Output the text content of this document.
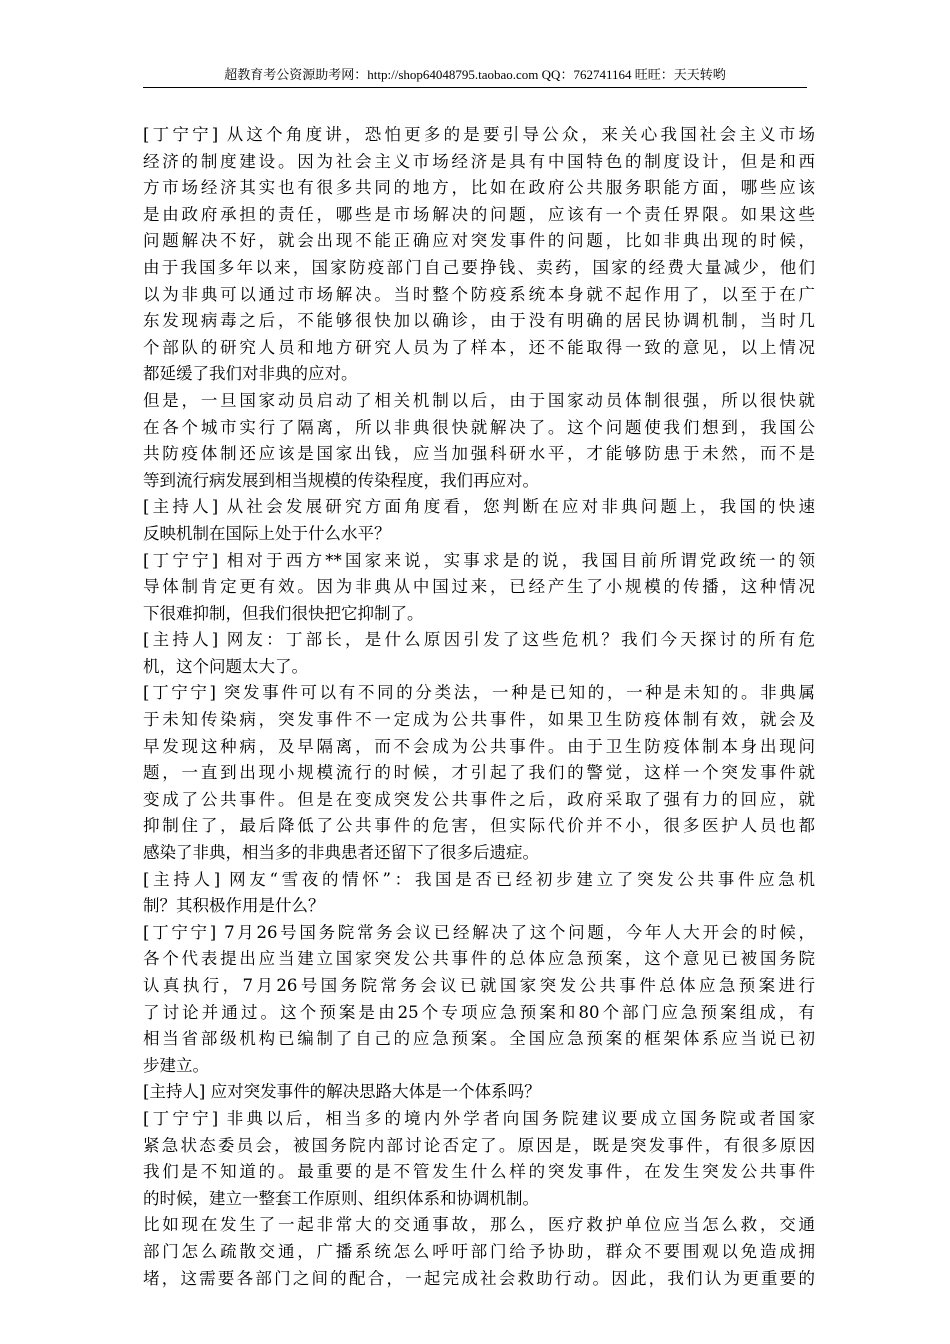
超教育考公资源助考网：http://shop64048795.taobao.com QQ：762741164 旺旺：天天转哟
[丁宁宁] 从这个角度讲，恐怕更多的是要引导公众，来关心我国社会主义市场
经济的制度建设。因为社会主义市场经济是具有中国特色的制度设计，但是和西
方市场经济其实也有很多共同的地方，比如在政府公共服务职能方面，哪些应该
是由政府承担的责任，哪些是市场解决的问题，应该有一个责任界限。如果这些
问题解决不好，就会出现不能正确应对突发事件的问题，比如非典出现的时候，
由于我国多年以来，国家防疫部门自己要挣钱、卖药，国家的经费大量减少，他们
以为非典可以通过市场解决。当时整个防疫系统本身就不起作用了，以至于在广
东发现病毒之后，不能够很快加以确诊，由于没有明确的居民协调机制，当时几
个部队的研究人员和地方研究人员为了样本，还不能取得一致的意见，以上情况
都延缓了我们对非典的应对。
但是，一旦国家动员启动了相关机制以后，由于国家动员体制很强，所以很快就
在各个城市实行了隔离，所以非典很快就解决了。这个问题使我们想到，我国公
共防疫体制还应该是国家出钱，应当加强科研水平，才能够防患于未然，而不是
等到流行病发展到相当规模的传染程度，我们再应对。
[主持人] 从社会发展研究方面角度看，您判断在应对非典问题上，我国的快速
反映机制在国际上处于什么水平？
[丁宁宁] 相对于西方**国家来说，实事求是的说，我国目前所谓党政统一的领
导体制肯定更有效。因为非典从中国过来，已经产生了小规模的传播，这种情况
下很难抑制，但我们很快把它抑制了。
[主持人] 网友：丁部长，是什么原因引发了这些危机？我们今天探讨的所有危
机，这个问题太大了。
[丁宁宁] 突发事件可以有不同的分类法，一种是已知的，一种是未知的。非典属
于未知传染病，突发事件不一定成为公共事件，如果卫生防疫体制有效，就会及
早发现这种病，及早隔离，而不会成为公共事件。由于卫生防疫体制本身出现问
题，一直到出现小规模流行的时候，才引起了我们的警觉，这样一个突发事件就
变成了公共事件。但是在变成突发公共事件之后，政府采取了强有力的回应，就
抑制住了，最后降低了公共事件的危害，但实际代价并不小，很多医护人员也都
感染了非典，相当多的非典患者还留下了很多后遗症。
[主持人] 网友“雪夜的情怀”：我国是否已经初步建立了突发公共事件应急机
制？其积极作用是什么？
[丁宁宁] 7月26号国务院常务会议已经解决了这个问题，今年人大开会的时候，
各个代表提出应当建立国家突发公共事件的总体应急预案，这个意见已被国务院
认真执行，7月26号国务院常务会议已就国家突发公共事件总体应急预案进行
了讨论并通过。这个预案是由25个专项应急预案和80个部门应急预案组成，有
相当省部级机构已编制了自己的应急预案。全国应急预案的框架体系应当说已初
步建立。
[主持人] 应对突发事件的解决思路大体是一个体系吗？
[丁宁宁] 非典以后，相当多的境内外学者向国务院建议要成立国务院或者国家
紧急状态委员会，被国务院内部讨论否定了。原因是，既是突发事件，有很多原因
我们是不知道的。最重要的是不管发生什么样的突发事件，在发生突发公共事件
的时候，建立一整套工作原则、组织体系和协调机制。
比如现在发生了一起非常大的交通事故，那么，医疗救护单位应当怎么救，交通
部门怎么疏散交通，广播系统怎么呼吁部门给予协助，群众不要围观以免造成拥
堵，这需要各部门之间的配合，一起完成社会救助行动。因此，我们认为更重要的
